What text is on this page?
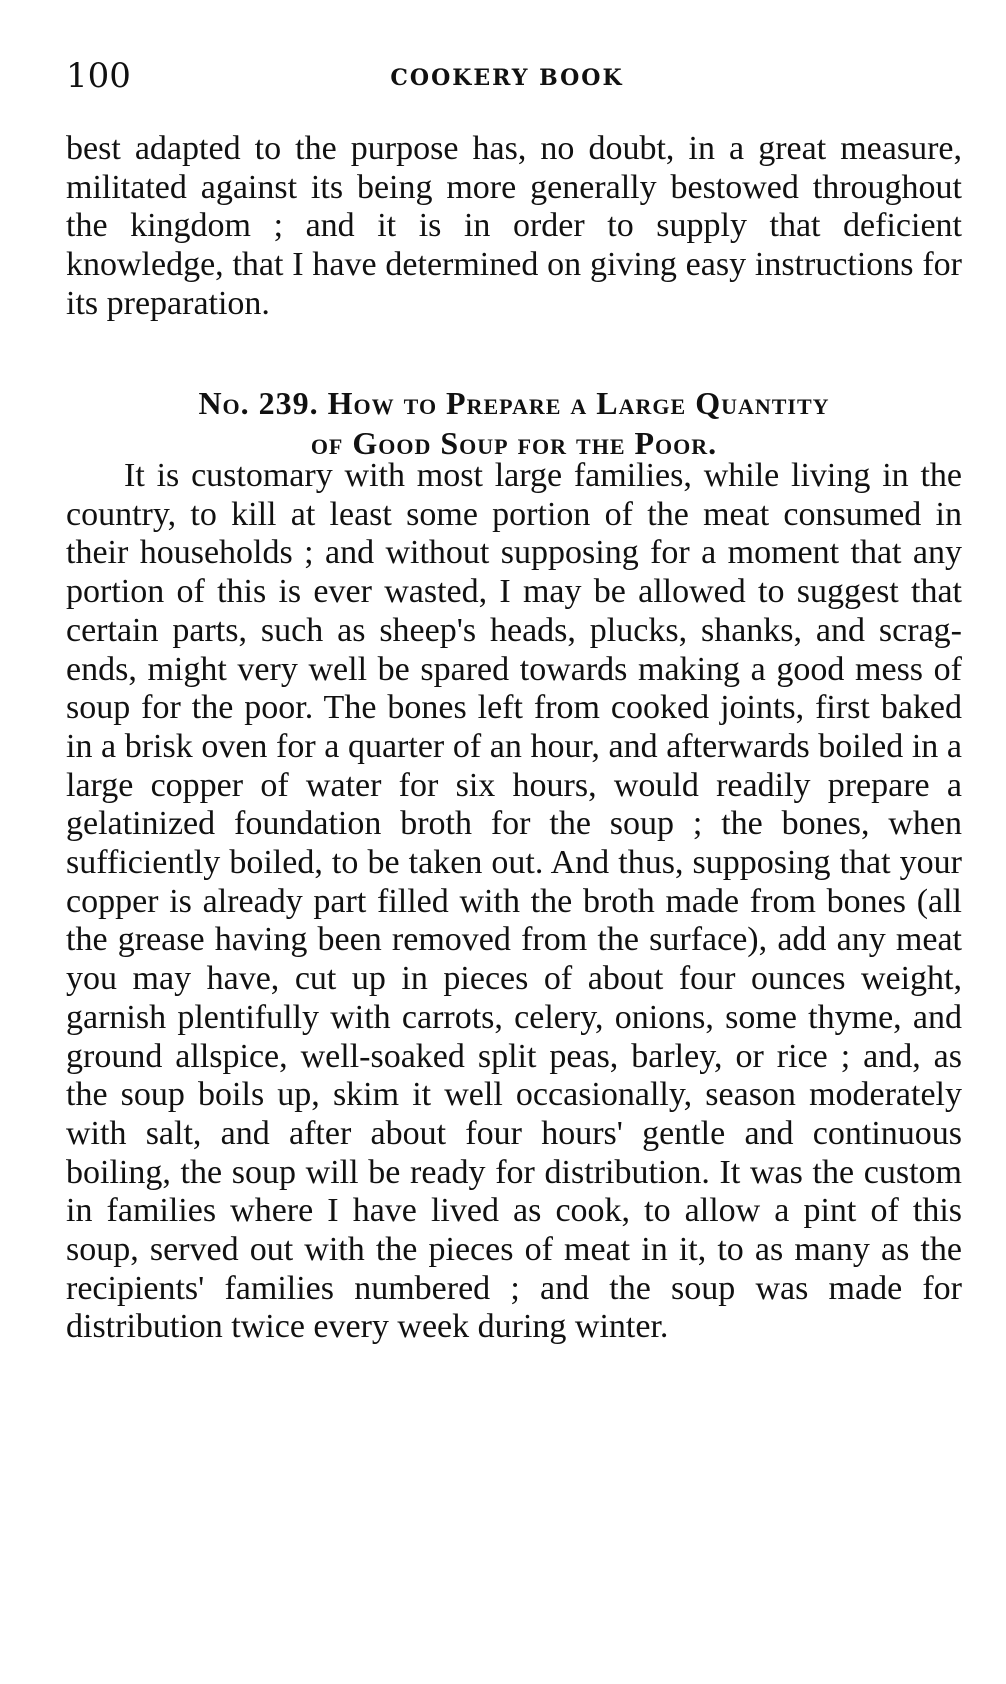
100	COOKERY BOOK

best adapted to the purpose has, no doubt, in a great measure, militated against its being more generally bestowed throughout the kingdom ; and it is in order to supply that deficient knowledge, that I have determined on giving easy instructions for its preparation.

No. 239. How to Prepare a Large Quantity
of Good Soup for the Poor.

It is customary with most large families, while living in the country, to kill at least some portion of the meat consumed in their households ; and without supposing for a moment that any portion of this is ever wasted, I may be allowed to suggest that certain parts, such as sheep's heads, plucks, shanks, and scrag-ends, might very well be spared towards making a good mess of soup for the poor. The bones left from cooked joints, first baked in a brisk oven for a quarter of an hour, and afterwards boiled in a large copper of water for six hours, would readily prepare a gelatinized foundation broth for the soup ; the bones, when sufficiently boiled, to be taken out. And thus, supposing that your copper is already part filled with the broth made from bones (all the grease having been removed from the surface), add any meat you may have, cut up in pieces of about four ounces weight, garnish plentifully with carrots, celery, onions, some thyme, and ground allspice, well-soaked split peas, barley, or rice ; and, as the soup boils up, skim it well occasionally, season moderately with salt, and after about four hours' gentle and continuous boiling, the soup will be ready for distribution. It was the custom in families where I have lived as cook, to allow a pint of this soup, served out with the pieces of meat in it, to as many as the recipients' families numbered ; and the soup was made for distribution twice every week during winter.
